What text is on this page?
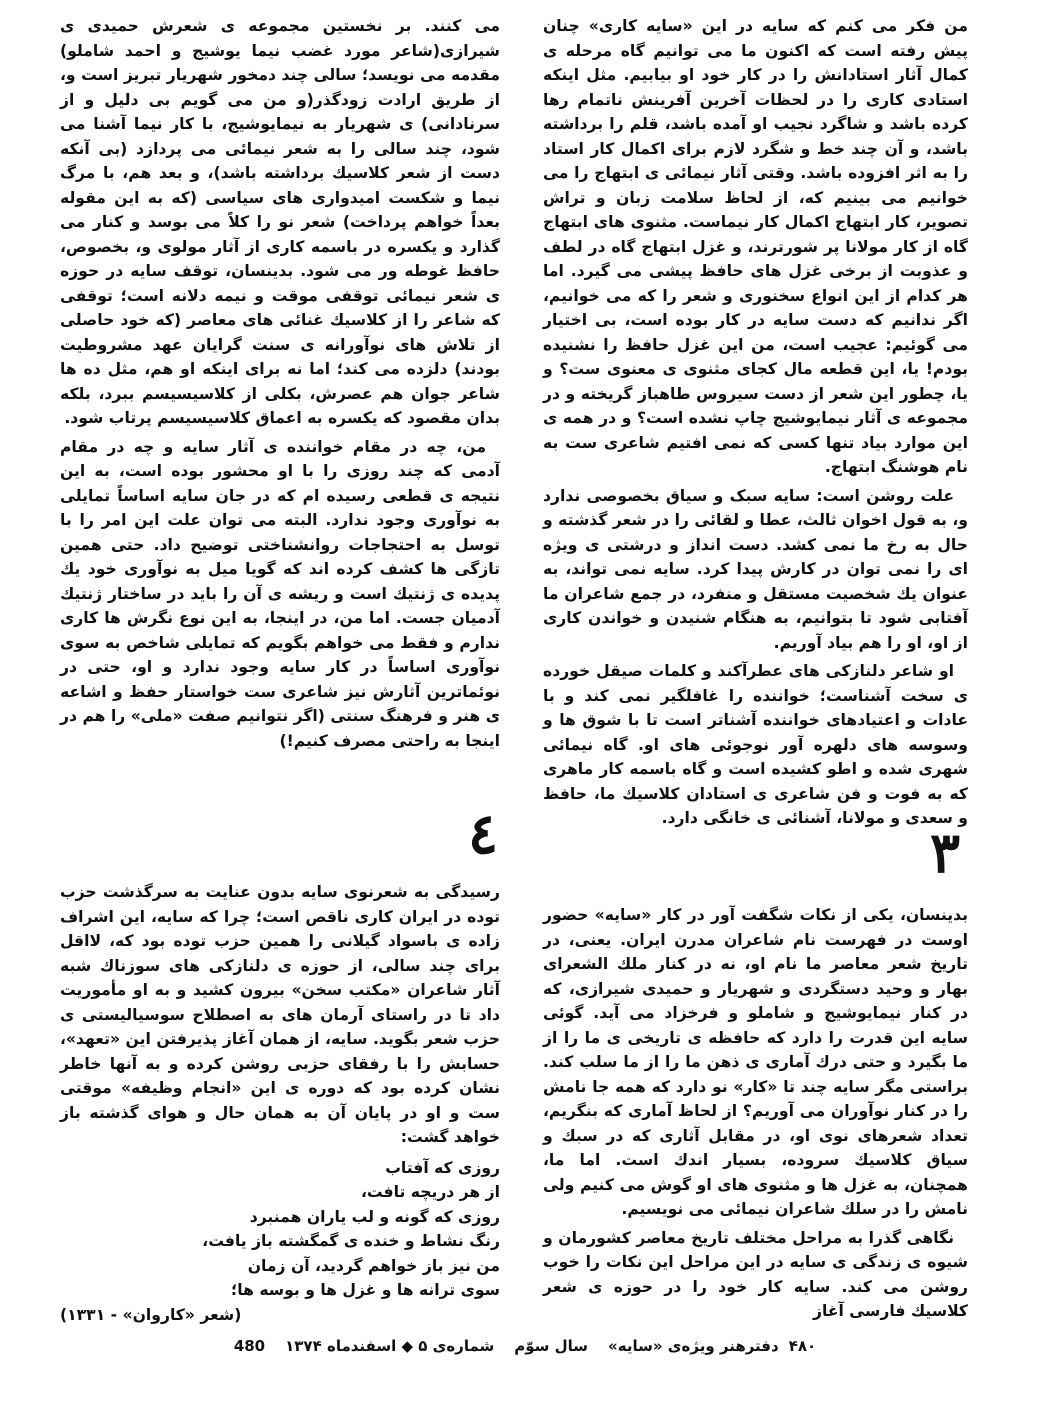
من فکر می کنم که سایه در این «سایه کاری» چنان پیش رفته است که اکنون ما می توانیم گاه مرحله ی کمال آثار استادانش را در کار خود او بیابیم. مثل اینکه استادی کاری را در لحظات آخرین آفرینش ناتمام رها کرده باشد و شاگرد نجیب او آمده باشد، قلم را برداشته باشد، و آن چند خط و شگرد لازم برای اکمال کار استاد را به اثر افزوده باشد. وقتی آثار نیمائی ی ابتهاج را می خوانیم می بینیم که، از لحاظ سلامت زبان و تراش تصویر، کار ابتهاج اکمال کار نیماست. مثنوی های ابتهاج گاه از کار مولانا پر شورترند، و غزل ابتهاج گاه در لطف و عذوبت از برخی غزل های حافظ پیشی می گیرد. اما هر کدام از این انواع سخنوری و شعر را که می خوانیم، اگر ندانیم که دست سایه در کار بوده است، بی اختیار می گوئیم: عجیب است، من این غزل حافظ را نشنیده بودم! یا، این قطعه مال کجای مثنوی ی معنوی ست؟ و یا، چطور این شعر از دست سیروس طاهباز گریخته و در مجموعه ی آثار نیمایوشیج چاپ نشده است؟ و در همه ی این موارد بیاد تنها کسی که نمی افتیم شاعری ست به نام هوشنگ ابتهاج.

علت روشن است: سایه سبک و سیاق بخصوصی ندارد و، به قول اخوان ثالث، عطا و لقائی را در شعر گذشته و حال به رخ ما نمی کشد. دست انداز و درشتی ی ویژه ای را نمی توان در کارش پیدا کرد. سایه نمی تواند، به عنوان یك شخصیت مستقل و منفرد، در جمع شاعران ما آفتابی شود تا بتوانیم، به هنگام شنیدن و خواندن کاری از او، او را هم بیاد آوریم.

او شاعر دلنازکی های عطرآکند و کلمات صیقل خورده ی سخت آشناست؛ خواننده را غافلگیر نمی کند و با عادات و اعتیادهای خواننده آشناتر است تا با شوق ها و وسوسه های دلهره آور نوجوئی های او. گاه نیمائی شهری شده و اطو کشیده است و گاه باسمه کار ماهری که به فوت و فن شاعری ی استادان کلاسیك ما، حافظ و سعدی و مولانا، آشنائی ی خانگی دارد.

می کنند. بر نخستین مجموعه ی شعرش حمیدی ی شیرازی(شاعر مورد غضب نیما یوشیج و احمد شاملو) مقدمه می نویسد؛ سالی چند دمخور شهریار تبریز است و، از طریق ارادت زودگذر(و من می گویم بی دلیل و از سرنادانی) ی شهریار به نیمایوشیج، با کار نیما آشنا می شود، چند سالی را به شعر نیمائی می پردازد (بی آنکه دست از شعر کلاسیك برداشته باشد)، و بعد هم، با مرگ نیما و شکست امیدواری های سیاسی (که به این مقوله بعداً خواهم پرداخت) شعر نو را کلاً می بوسد و کنار می گذارد و یکسره در باسمه کاری از آثار مولوی و، بخصوص، حافظ غوطه ور می شود. بدینسان، توقف سایه در حوزه ی شعر نیمائی توقفی موقت و نیمه دلانه است؛ توقفی که شاعر را از کلاسیك غنائی های معاصر (که خود حاصلی از تلاش های نوآورانه ی سنت گرایان عهد مشروطیت بودند) دلزده می کند؛ اما نه برای اینکه او هم، مثل ده ها شاعر جوان هم عصرش، بکلی از کلاسیسیسم ببرد، بلکه بدان مقصود که یکسره به اعماق کلاسیسیسم پرتاب شود.

من، چه در مقام خواننده ی آثار سایه و چه در مقام آدمی که چند روزی را با او محشور بوده است، به این نتیجه ی قطعی رسیده ام که در جان سایه اساساً تمایلی به نوآوری وجود ندارد. البته می توان علت این امر را با توسل به احتجاجات روانشناختی توضیح داد. حتی همین تازگی ها کشف کرده اند که گویا میل به نوآوری خود یك پدیده ی ژنتیك است و ریشه ی آن را باید در ساختار ژنتیك آدمیان جست. اما من، در اینجا، به این نوع نگرش ها کاری ندارم و فقط می خواهم بگویم که تمایلی شاخص به سوی نوآوری اساساً در کار سایه وجود ندارد و او، حتی در نوئماترین آثارش نیز شاعری ست خواستار حفظ و اشاعه ی هنر و فرهنگ سنتی (اگر نتوانیم صفت «ملی» را هم در اینجا به راحتی مصرف کنیم!)

۳
٤

بدینسان، یکی از نکات شگفت آور در کار «سایه» حضور اوست در فهرست نام شاعران مدرن ایران. یعنی، در تاریخ شعر معاصر ما نام او، نه در کنار ملك الشعرای بهار و وحید دستگردی و شهریار و حمیدی شیرازی، که در کنار نیمایوشیج و شاملو و فرخزاد می آید. گوئی سایه این قدرت را دارد که حافظه ی تاریخی ی ما را از ما بگیرد و حتی درك آماری ی ذهن ما را از ما سلب کند. براستی مگر سایه چند تا «کار» نو دارد که همه جا نامش را در کنار نوآوران می آوریم؟ از لحاظ آماری که بنگریم، تعداد شعرهای نوی او، در مقابل آثاری که در سبك و سیاق کلاسیك سروده، بسیار اندك است. اما ما، همچنان، به غزل ها و مثنوی های او گوش می کنیم ولی نامش را در سلك شاعران نیمائی می نویسیم.

نگاهی گذرا به مراحل مختلف تاریخ معاصر کشورمان و شیوه ی زندگی ی سایه در این مراحل این نکات را خوب روشن می کند. سایه کار خود را در حوزه ی شعر کلاسیك فارسی آغاز

رسیدگی به شعرنوی سایه بدون عنایت به سرگذشت حزب توده در ایران کاری ناقص است؛ چرا که سایه، این اشراف زاده ی باسواد گیلانی را همین حزب توده بود که، لااقل برای چند سالی، از حوزه ی دلنازکی های سوزناك شبه آثار شاعران «مکتب سخن» بیرون کشید و به او مأموریت داد تا در راستای آرمان های به اصطلاح سوسیالیستی ی حزب شعر بگوید. سایه، از همان آغاز پذیرفتن این «تعهد»، حسابش را با رفقای حزبی روشن کرده و به آنها خاطر نشان کرده بود که دوره ی این «انجام وظیفه» موقتی ست و او در پایان آن به همان حال و هوای گذشته باز خواهد گشت:

روزی که آفتاب
از هر دریچه تافت،
روزی که گونه و لب یاران همنبرد
رنگ نشاط و خنده ی گمگشته باز یافت،
من نیز باز خواهم گردید، آن زمان
سوی ترانه ها و غزل ها و بوسه ها؛
(شعر «کاروان» - ۱۳۳۱)
۴۸۰
دفترهنر ویژه‌ی «سایه»
سال سوّم
شماره‌ی ۵ ◆ اسفندماه ۱۳۷۴
480
